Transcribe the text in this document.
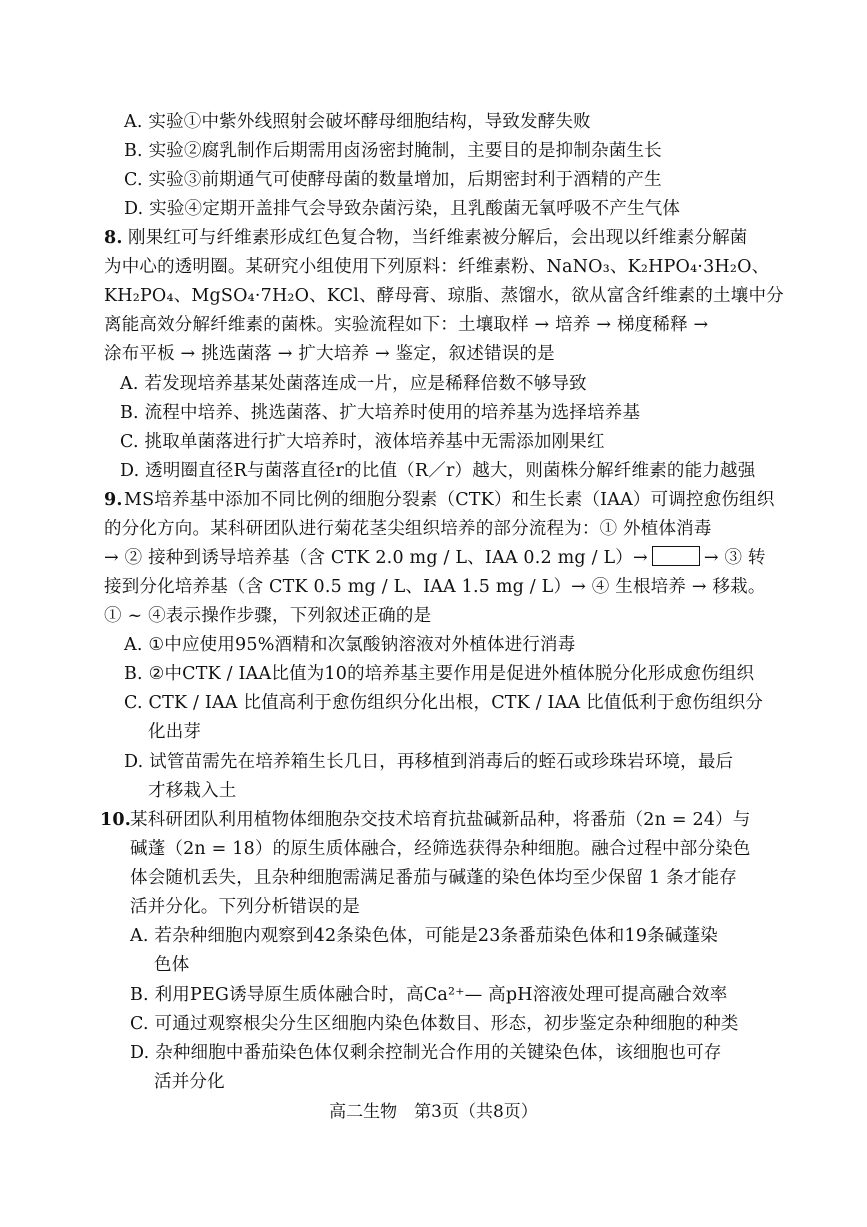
A. 实验①中紫外线照射会破坏酵母细胞结构，导致发酵失败
B. 实验②腐乳制作后期需用卤汤密封腌制，主要目的是抑制杂菌生长
C. 实验③前期通气可使酵母菌的数量增加，后期密封利于酒精的产生
D. 实验④定期开盖排气会导致杂菌污染，且乳酸菌无氧呼吸不产生气体
8. 刚果红可与纤维素形成红色复合物，当纤维素被分解后，会出现以纤维素分解菌
为中心的透明圈。某研究小组使用下列原料：纤维素粉、NaNO₃、K₂HPO₄·3H₂O、
KH₂PO₄、MgSO₄·7H₂O、KCl、酵母膏、琼脂、蒸馏水，欲从富含纤维素的土壤中分
离能高效分解纤维素的菌株。实验流程如下：土壤取样 → 培养 → 梯度稀释 →
涂布平板 → 挑选菌落 → 扩大培养 → 鉴定，叙述错误的是
A. 若发现培养基某处菌落连成一片，应是稀释倍数不够导致
B. 流程中培养、挑选菌落、扩大培养时使用的培养基为选择培养基
C. 挑取单菌落进行扩大培养时，液体培养基中无需添加刚果红
D. 透明圈直径R与菌落直径r的比值（R／r）越大，则菌株分解纤维素的能力越强
9. MS培养基中添加不同比例的细胞分裂素（CTK）和生长素（IAA）可调控愈伤组织
的分化方向。某科研团队进行菊花茎尖组织培养的部分流程为：① 外植体消毒
→ ② 接种到诱导培养基（含 CTK 2.0 mg / L、IAA 0.2 mg / L）→	→ ③ 转
接到分化培养基（含 CTK 0.5 mg / L、IAA 1.5 mg / L）→ ④ 生根培养 → 移栽。
① ~ ④表示操作步骤，下列叙述正确的是
A. ①中应使用95%酒精和次氯酸钠溶液对外植体进行消毒
B. ②中CTK / IAA比值为10的培养基主要作用是促进外植体脱分化形成愈伤组织
C. CTK / IAA 比值高利于愈伤组织分化出根，CTK / IAA 比值低利于愈伤组织分
化出芽
D. 试管苗需先在培养箱生长几日，再移植到消毒后的蛭石或珍珠岩环境，最后
才移栽入土
10.
某科研团队利用植物体细胞杂交技术培育抗盐碱新品种，将番茄（2n = 24）与
碱蓬（2n = 18）的原生质体融合，经筛选获得杂种细胞。融合过程中部分染色
体会随机丢失，且杂种细胞需满足番茄与碱蓬的染色体均至少保留 1 条才能存
活并分化。下列分析错误的是
A. 若杂种细胞内观察到42条染色体，可能是23条番茄染色体和19条碱蓬染
色体
B. 利用PEG诱导原生质体融合时，高Ca²⁺— 高pH溶液处理可提高融合效率
C. 可通过观察根尖分生区细胞内染色体数目、形态，初步鉴定杂种细胞的种类
D. 杂种细胞中番茄染色体仅剩余控制光合作用的关键染色体，该细胞也可存
活并分化
高二生物　第3页（共8页）
